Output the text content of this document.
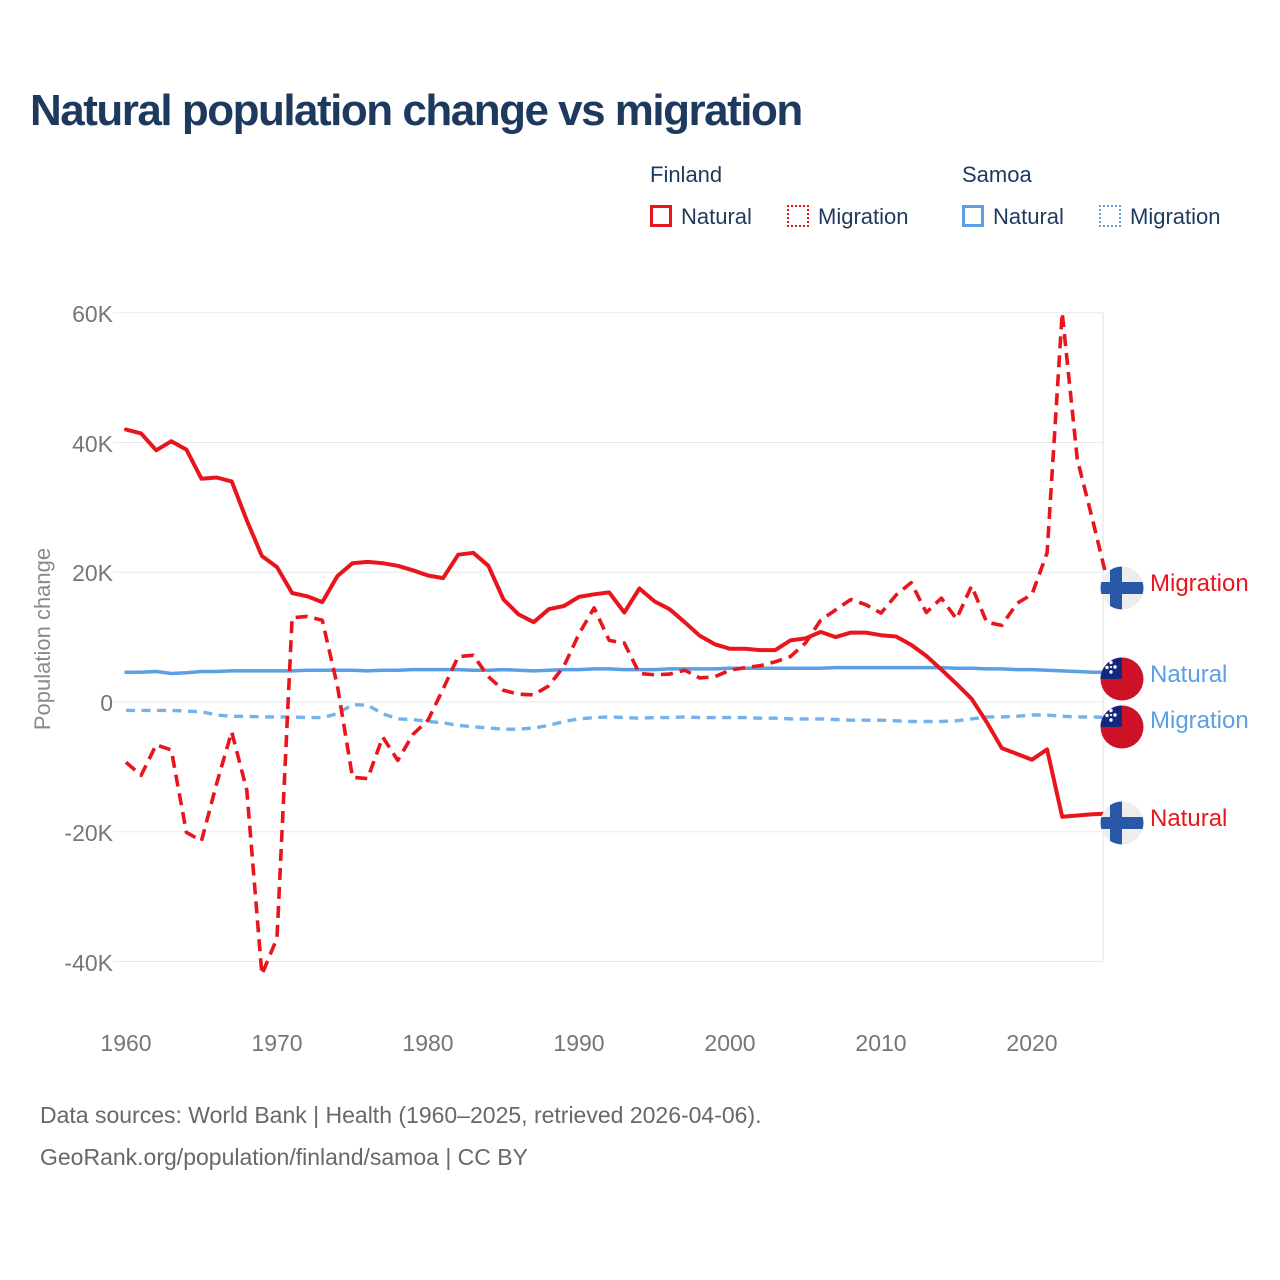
Natural population change vs migration
Finland	Samoa
Natural	Migration	Natural	Migration
Population change
60K
40K
20K
0
-20K
-40K
1960	1970	1980	1990	2000	2010	2020
Migration
Natural
Migration
Natural
Data sources: World Bank | Health (1960–2025, retrieved 2026-04-06).
GeoRank.org/population/finland/samoa | CC BY
